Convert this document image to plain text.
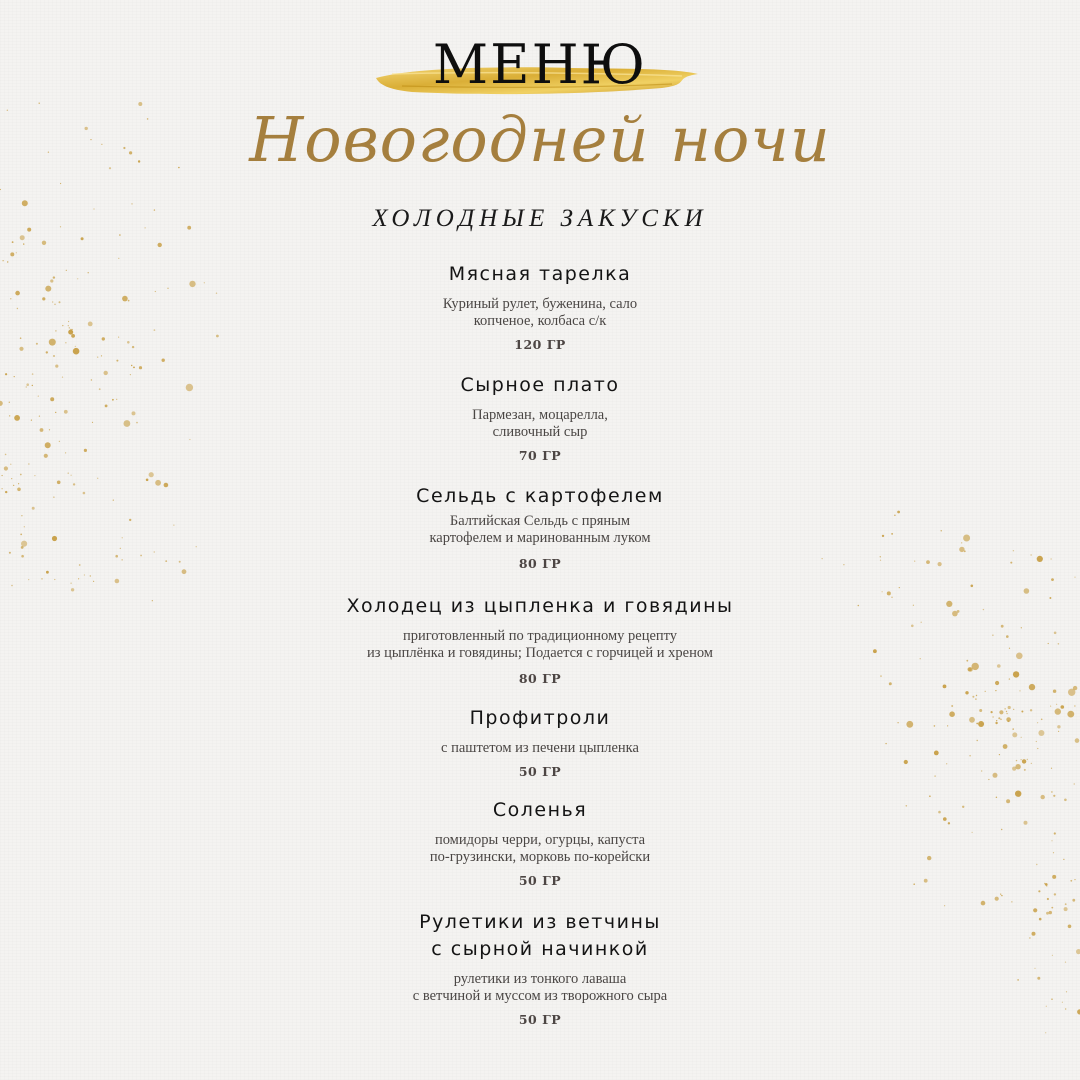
МЕНЮ
Новогодней ночи
ХОЛОДНЫЕ ЗАКУСКИ
Мясная тарелка
Куриный рулет, буженина, сало
копченое, колбаса с/к
120 ГР
Сырное плато
Пармезан, моцарелла,
сливочный сыр
70 ГР
Сельдь с картофелем
Балтийская Сельдь с пряным
картофелем и маринованным луком
80 ГР
Холодец из цыпленка и говядины
приготовленный по традиционному рецепту
из цыплёнка и говядины; Подается с горчицей и хреном
80 ГР
Профитроли
с паштетом из печени цыпленка
50 ГР
Соленья
помидоры черри, огурцы, капуста
по-грузински, морковь по-корейски
50 ГР
Рулетики из ветчины
с сырной начинкой
рулетики из тонкого лаваша
с ветчиной и муссом из творожного сыра
50 ГР
